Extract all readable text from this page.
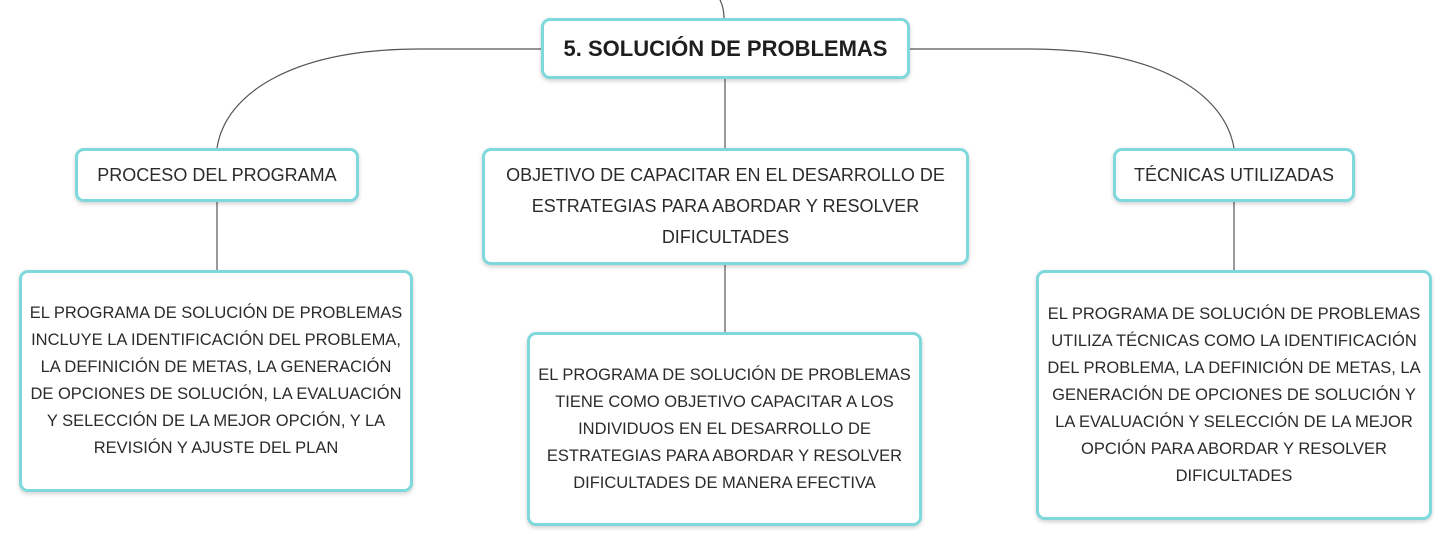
5. SOLUCIÓN DE PROBLEMAS
PROCESO DEL PROGRAMA	OBJETIVO DE CAPACITAR EN EL DESARROLLO DE ESTRATEGIAS PARA ABORDAR Y RESOLVER DIFICULTADES
TÉCNICAS UTILIZADAS
EL PROGRAMA DE SOLUCIÓN DE PROBLEMAS INCLUYE LA IDENTIFICACIÓN DEL PROBLEMA, LA DEFINICIÓN DE METAS, LA GENERACIÓN DE OPCIONES DE SOLUCIÓN, LA EVALUACIÓN Y SELECCIÓN DE LA MEJOR OPCIÓN, Y LA REVISIÓN Y AJUSTE DEL PLAN
EL PROGRAMA DE SOLUCIÓN DE PROBLEMAS TIENE COMO OBJETIVO CAPACITAR A LOS INDIVIDUOS EN EL DESARROLLO DE ESTRATEGIAS PARA ABORDAR Y RESOLVER DIFICULTADES DE MANERA EFECTIVA
EL PROGRAMA DE SOLUCIÓN DE PROBLEMAS UTILIZA TÉCNICAS COMO LA IDENTIFICACIÓN DEL PROBLEMA, LA DEFINICIÓN DE METAS, LA GENERACIÓN DE OPCIONES DE SOLUCIÓN Y LA EVALUACIÓN Y SELECCIÓN DE LA MEJOR OPCIÓN PARA ABORDAR Y RESOLVER DIFICULTADES
